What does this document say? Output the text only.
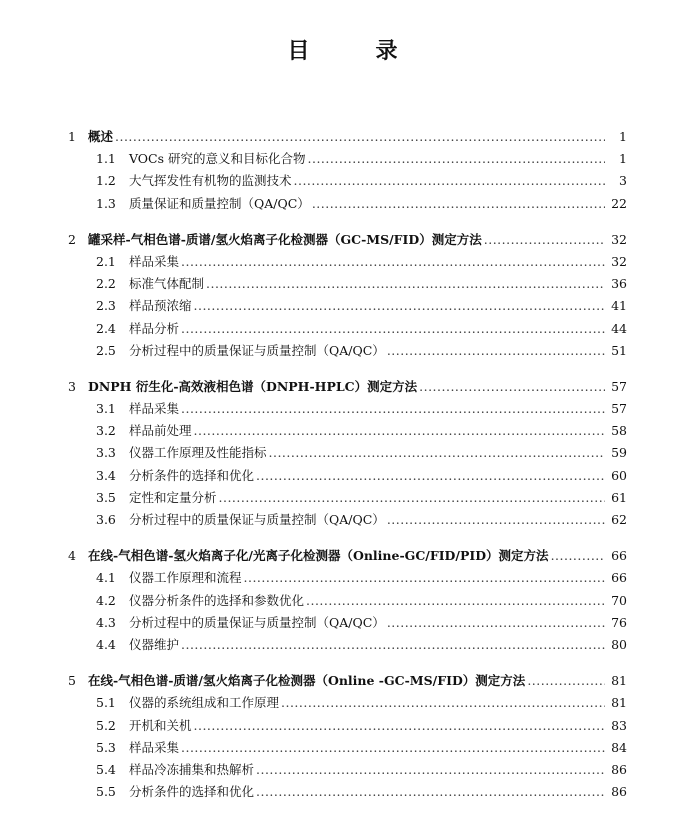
目　录
1 概述 .....	1
1.1	VOCs 研究的意义和目标化合物 .....	1
1.2	大气挥发性有机物的监测技术 .....	3
1.3	质量保证和质量控制（QA/QC） .....	22
2 罐采样-气相色谱-质谱/氢火焰离子化检测器（GC-MS/FID）测定方法 .....	32
2.1	样品采集 .....	32
2.2	标准气体配制 .....	36
2.3	样品预浓缩 .....	41
2.4	样品分析 .....	44
2.5	分析过程中的质量保证与质量控制（QA/QC） .....	51
3 DNPH 衍生化-高效液相色谱（DNPH-HPLC）测定方法 .....	57
3.1	样品采集 .....	57
3.2	样品前处理 .....	58
3.3	仪器工作原理及性能指标 .....	59
3.4	分析条件的选择和优化 .....	60
3.5	定性和定量分析 .....	61
3.6	分析过程中的质量保证与质量控制（QA/QC） .....	62
4 在线-气相色谱-氢火焰离子化/光离子化检测器（Online-GC/FID/PID）测定方法 .....	66
4.1	仪器工作原理和流程 .....	66
4.2	仪器分析条件的选择和参数优化 .....	70
4.3	分析过程中的质量保证与质量控制（QA/QC） .....	76
4.4	仪器维护 .....	80
5 在线-气相色谱-质谱/氢火焰离子化检测器（Online -GC-MS/FID）测定方法 .....	81
5.1	仪器的系统组成和工作原理 .....	81
5.2	开机和关机 .....	83
5.3	样品采集 .....	84
5.4	样品冷冻捕集和热解析 .....	86
5.5	分析条件的选择和优化 .....	86
